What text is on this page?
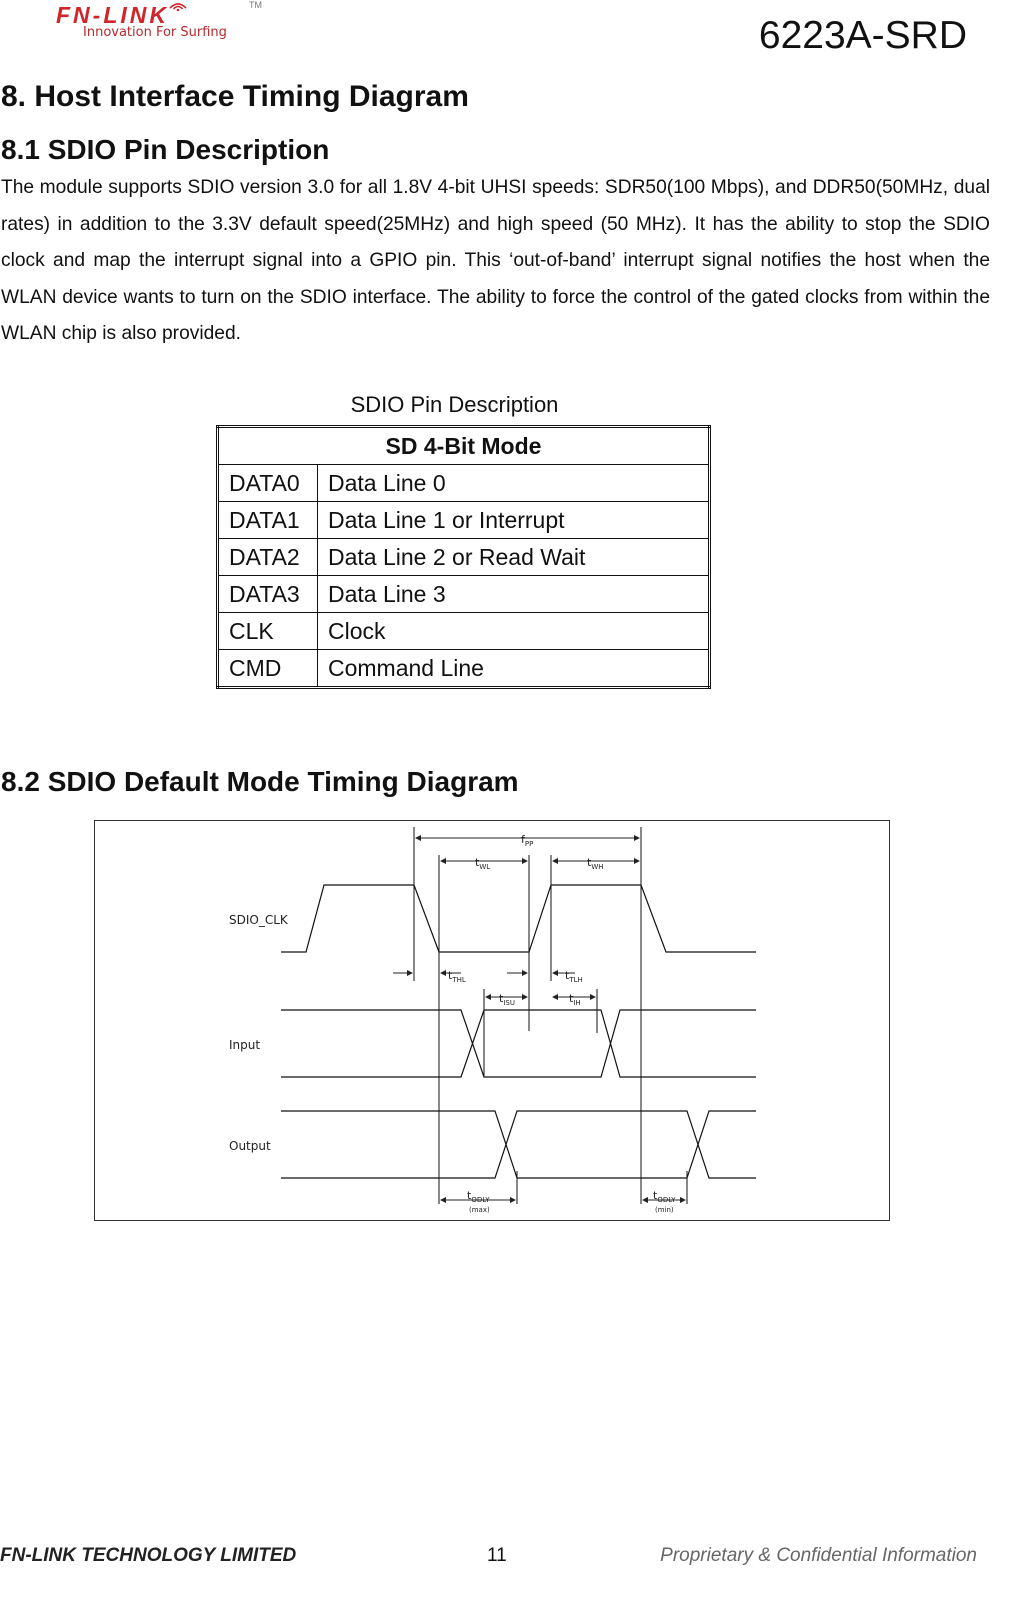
FN-LINK	TM
Innovation For Surfing	6223A-SRD
8. Host Interface Timing Diagram
8.1 SDIO Pin Description

The module supports SDIO version 3.0 for all 1.8V 4-bit UHSI speeds: SDR50(100 Mbps), and DDR50(50MHz, dual rates) in addition to the 3.3V default speed(25MHz) and high speed (50 MHz). It has the ability to stop the SDIO clock and map the interrupt signal into a GPIO pin. This ‘out-of-band’ interrupt signal notifies the host when the WLAN device wants to turn on the SDIO interface. The ability to force the control of the gated clocks from within the WLAN chip is also provided.

SDIO Pin Description
SD 4-Bit Mode	
DATA0	Data Line 0
DATA1	Data Line 1 or Interrupt
DATA2	Data Line 2 or Read Wait
DATA3	Data Line 3
CLK	Clock
CMD	Command Line
8.2 SDIO Default Mode Timing Diagram
SDIO_CLK
Input
Output
$f_{PP}$
$t_{WL}$	$t_{WH}$
$t_{THL}$	$t_{TLH}$
$t_{ISU}$	$t_{IH}$
$t_{ODLY}$
(max)
$t_{ODLY}$
(min)
FN-LINK TECHNOLOGY LIMITED	11	Proprietary & Confidential Information
